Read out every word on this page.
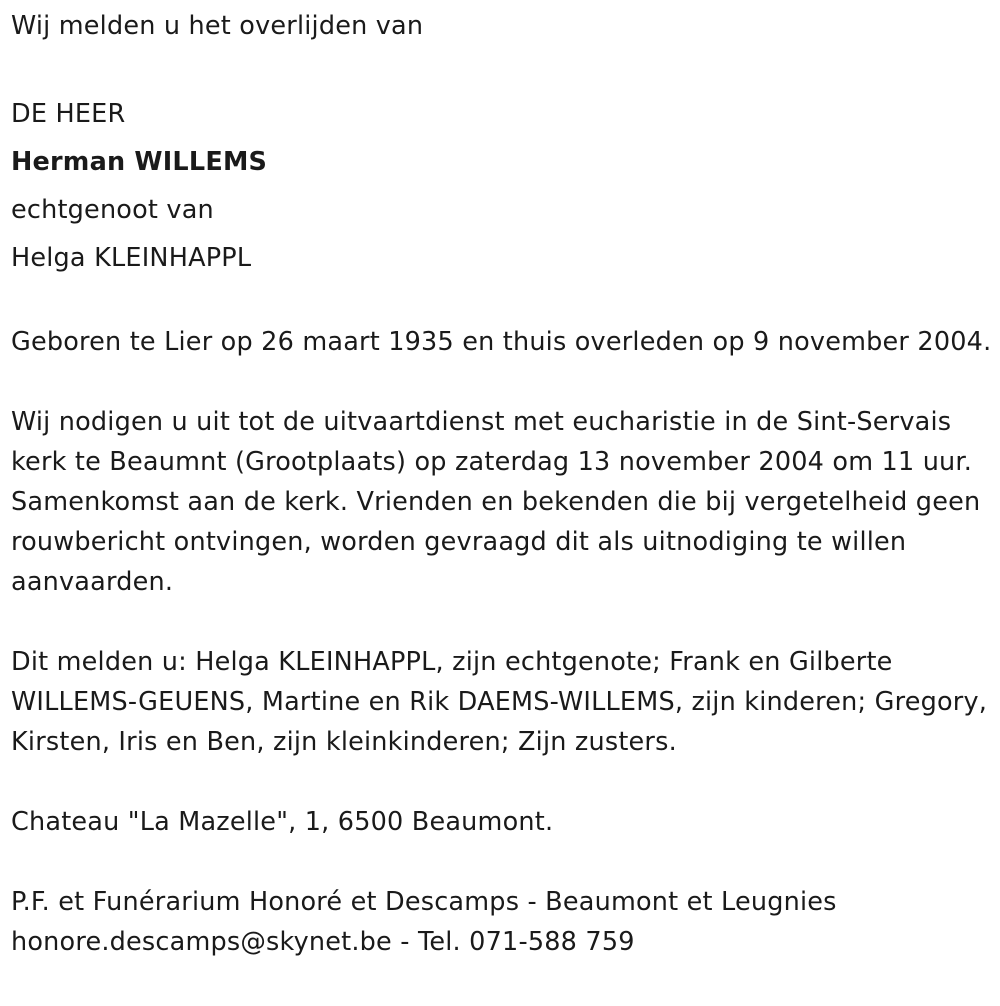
Wij melden u het overlijden van

DE HEER

Herman WILLEMS

echtgenoot van

Helga KLEINHAPPL

Geboren te Lier op 26 maart 1935 en thuis overleden op 9 november 2004.

Wij nodigen u uit tot de uitvaartdienst met eucharistie in de Sint-Servais kerk te Beaumnt (Grootplaats) op zaterdag 13 november 2004 om 11 uur. Samenkomst aan de kerk. Vrienden en bekenden die bij vergetelheid geen rouwbericht ontvingen, worden gevraagd dit als uitnodiging te willen aanvaarden.

Dit melden u: Helga KLEINHAPPL, zijn echtgenote; Frank en Gilberte WILLEMS-GEUENS, Martine en Rik DAEMS-WILLEMS, zijn kinderen; Gregory, Kirsten, Iris en Ben, zijn kleinkinderen; Zijn zusters.

Chateau "La Mazelle", 1, 6500 Beaumont.

P.F. et Funérarium Honoré et Descamps - Beaumont et Leugnies

honore.descamps@skynet.be - Tel. 071-588 759
